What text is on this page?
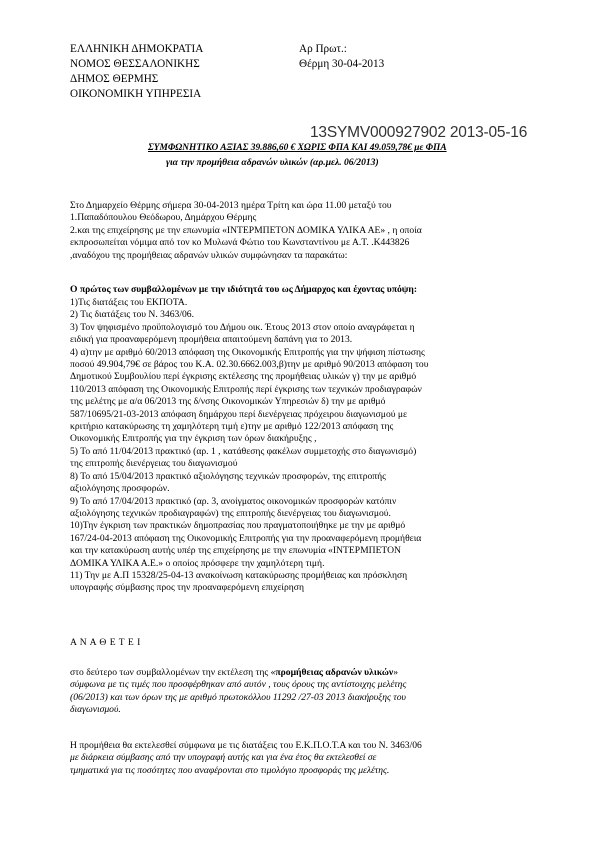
ΕΛΛΗΝΙΚΗ ΔΗΜΟΚΡΑΤΙΑ
ΝΟΜΟΣ ΘΕΣΣΑΛΟΝΙΚΗΣ
ΔΗΜΟΣ ΘΕΡΜΗΣ
ΟΙΚΟΝΟΜΙΚΗ ΥΠΗΡΕΣΙΑ
Αρ Πρωτ.:
Θέρμη 30-04-2013
13SYMV000927902 2013-05-16
ΣΥΜΦΩΝΗΤΙΚΟ ΑΞΙΑΣ 39.886,60 € ΧΩΡΙΣ ΦΠΑ ΚΑΙ 49.059,78€ με ΦΠΑ
για την προμήθεια αδρανών υλικών (αρ.μελ. 06/2013)
Στο Δημαρχείο Θέρμης σήμερα 30-04-2013 ημέρα Τρίτη και ώρα 11.00 μεταξύ του
1.Παπαδόπουλου Θεόδωρου, Δημάρχου Θέρμης
2.και της επιχείρησης με την επωνυμία «ΙΝΤΕΡΜΠΕΤΟΝ ΔΟΜΙΚΑ ΥΛΙΚΑ ΑΕ» , η οποία
εκπροσωπείται νόμιμα από τον κο Μυλωνά Φώτιο του Κωνσταντίνου με Α.Τ. .Κ443826
,αναδόχου της προμήθειας αδρανών υλικών συμφώνησαν τα παρακάτω:
Ο πρώτος των συμβαλλομένων με την ιδιότητά του ως Δήμαρχος και έχοντας υπόψη:
1)Τις διατάξεις του ΕΚΠΟΤΑ.
2) Τις διατάξεις του Ν. 3463/06.
3) Τον ψηφισμένο προϋπολογισμό του Δήμου οικ. Έτους 2013 στον οποίο αναγράφεται η
ειδική για προαναφερόμενη προμήθεια απαιτούμενη δαπάνη για το 2013.
4) α)την με αριθμό 60/2013 απόφαση της Οικονομικής Επιτροπής για την ψήφιση πίστωσης
ποσού 49.904,79€ σε βάρος του Κ.Α. 02.30.6662.003,β)την με αριθμό 90/2013 απόφαση του
Δημοτικού Συμβουλίου περί έγκρισης εκτέλεσης της προμήθειας υλικών γ) την με αριθμό
110/2013 απόφαση της Οικονομικής Επιτροπής περί έγκρισης των τεχνικών προδιαγραφών
της μελέτης με α/α 06/2013 της δ/νσης Οικονομικών Υπηρεσιών δ) την με αριθμό
587/10695/21-03-2013 απόφαση δημάρχου περί διενέργειας πρόχειρου διαγωνισμού με
κριτήριο κατακύρωσης τη χαμηλότερη τιμή ε)την με αριθμό 122/2013 απόφαση της
Οικονομικής Επιτροπής για την έγκριση των όρων διακήρυξης ,
5) Το από 11/04/2013 πρακτικό (αρ. 1 , κατάθεσης φακέλων συμμετοχής στο διαγωνισμό)
της επιτροπής διενέργειας του διαγωνισμού
8) Το από 15/04/2013 πρακτικό αξιολόγησης τεχνικών προσφορών, της επιτροπής
αξιολόγησης προσφορών.
9) Το από 17/04/2013 πρακτικό (αρ. 3, ανοίγματος οικονομικών προσφορών κατόπιν
αξιολόγησης τεχνικών προδιαγραφών) της επιτροπής διενέργειας του διαγωνισμού.
10)Την έγκριση των πρακτικών δημοπρασίας που πραγματοποιήθηκε με την με αριθμό
167/24-04-2013 απόφαση της Οικονομικής Επιτροπής για την προαναφερόμενη προμήθεια
και την κατακύρωση αυτής υπέρ της επιχείρησης με την επωνυμία «ΙΝΤΕΡΜΠΕΤΟΝ
ΔΟΜΙΚΑ ΥΛΙΚΑ Α.Ε.» ο οποίος πρόσφερε την χαμηλότερη τιμή.
11) Την με Α.Π 15328/25-04-13 ανακοίνωση κατακύρωσης προμήθειας και πρόσκληση
υπογραφής σύμβασης προς την προαναφερόμενη επιχείρηση
Α Ν Α Θ Ε Τ Ε Ι
στο δεύτερο των συμβαλλομένων την εκτέλεση της «προμήθειας αδρανών υλικών»
σύμφωνα με τις τιμές που προσφέρθηκαν από αυτόν , τους όρους της αντίστοιχης μελέτης
(06/2013) και των όρων της με αριθμό πρωτοκόλλου 11292 /27-03 2013 διακήρυξης του
διαγωνισμού.
Η προμήθεια θα εκτελεσθεί σύμφωνα με τις διατάξεις του Ε.Κ.Π.Ο.Τ.Α και του Ν. 3463/06
με διάρκεια σύμβασης από την υπογραφή αυτής και για ένα έτος θα εκτελεσθεί σε
τμηματικά για τις ποσότητες που αναφέρονται στο τιμολόγιο προσφοράς της μελέτης.
